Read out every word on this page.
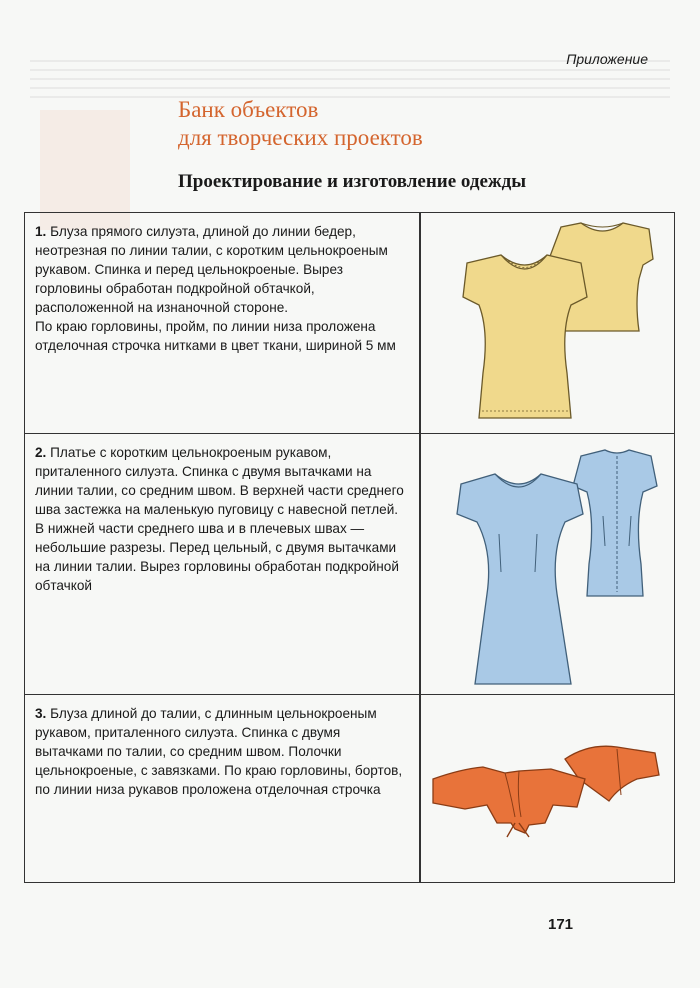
Приложение
Банк объектов
для творческих проектов
Проектирование и изготовление одежды

1. Блуза прямого силуэта, длиной до линии бедер, неотрезная по линии талии, с коротким цельнокроеным рукавом. Спинка и перед цельнокроеные. Вырез горловины обработан подкройной обтачкой, расположенной на изнаночной стороне.

По краю горловины, пройм, по линии низа проложена отделочная строчка нитками в цвет ткани, шириной 5 мм

2. Платье с коротким цельнокроеным рукавом, приталенного силуэта. Спинка с двумя вытачками на линии талии, со средним швом. В верхней части среднего шва застежка на маленькую пуговицу с навесной петлей. В нижней части среднего шва и в плечевых швах — небольшие разрезы. Перед цельный, с двумя вытачками на линии талии. Вырез горловины обработан подкройной обтачкой

3. Блуза длиной до талии, с длинным цельнокроеным рукавом, приталенного силуэта. Спинка с двумя вытачками по талии, со средним швом. Полочки цельнокроеные, с завязками. По краю горловины, бортов, по линии низа рукавов проложена отделочная строчка

171
